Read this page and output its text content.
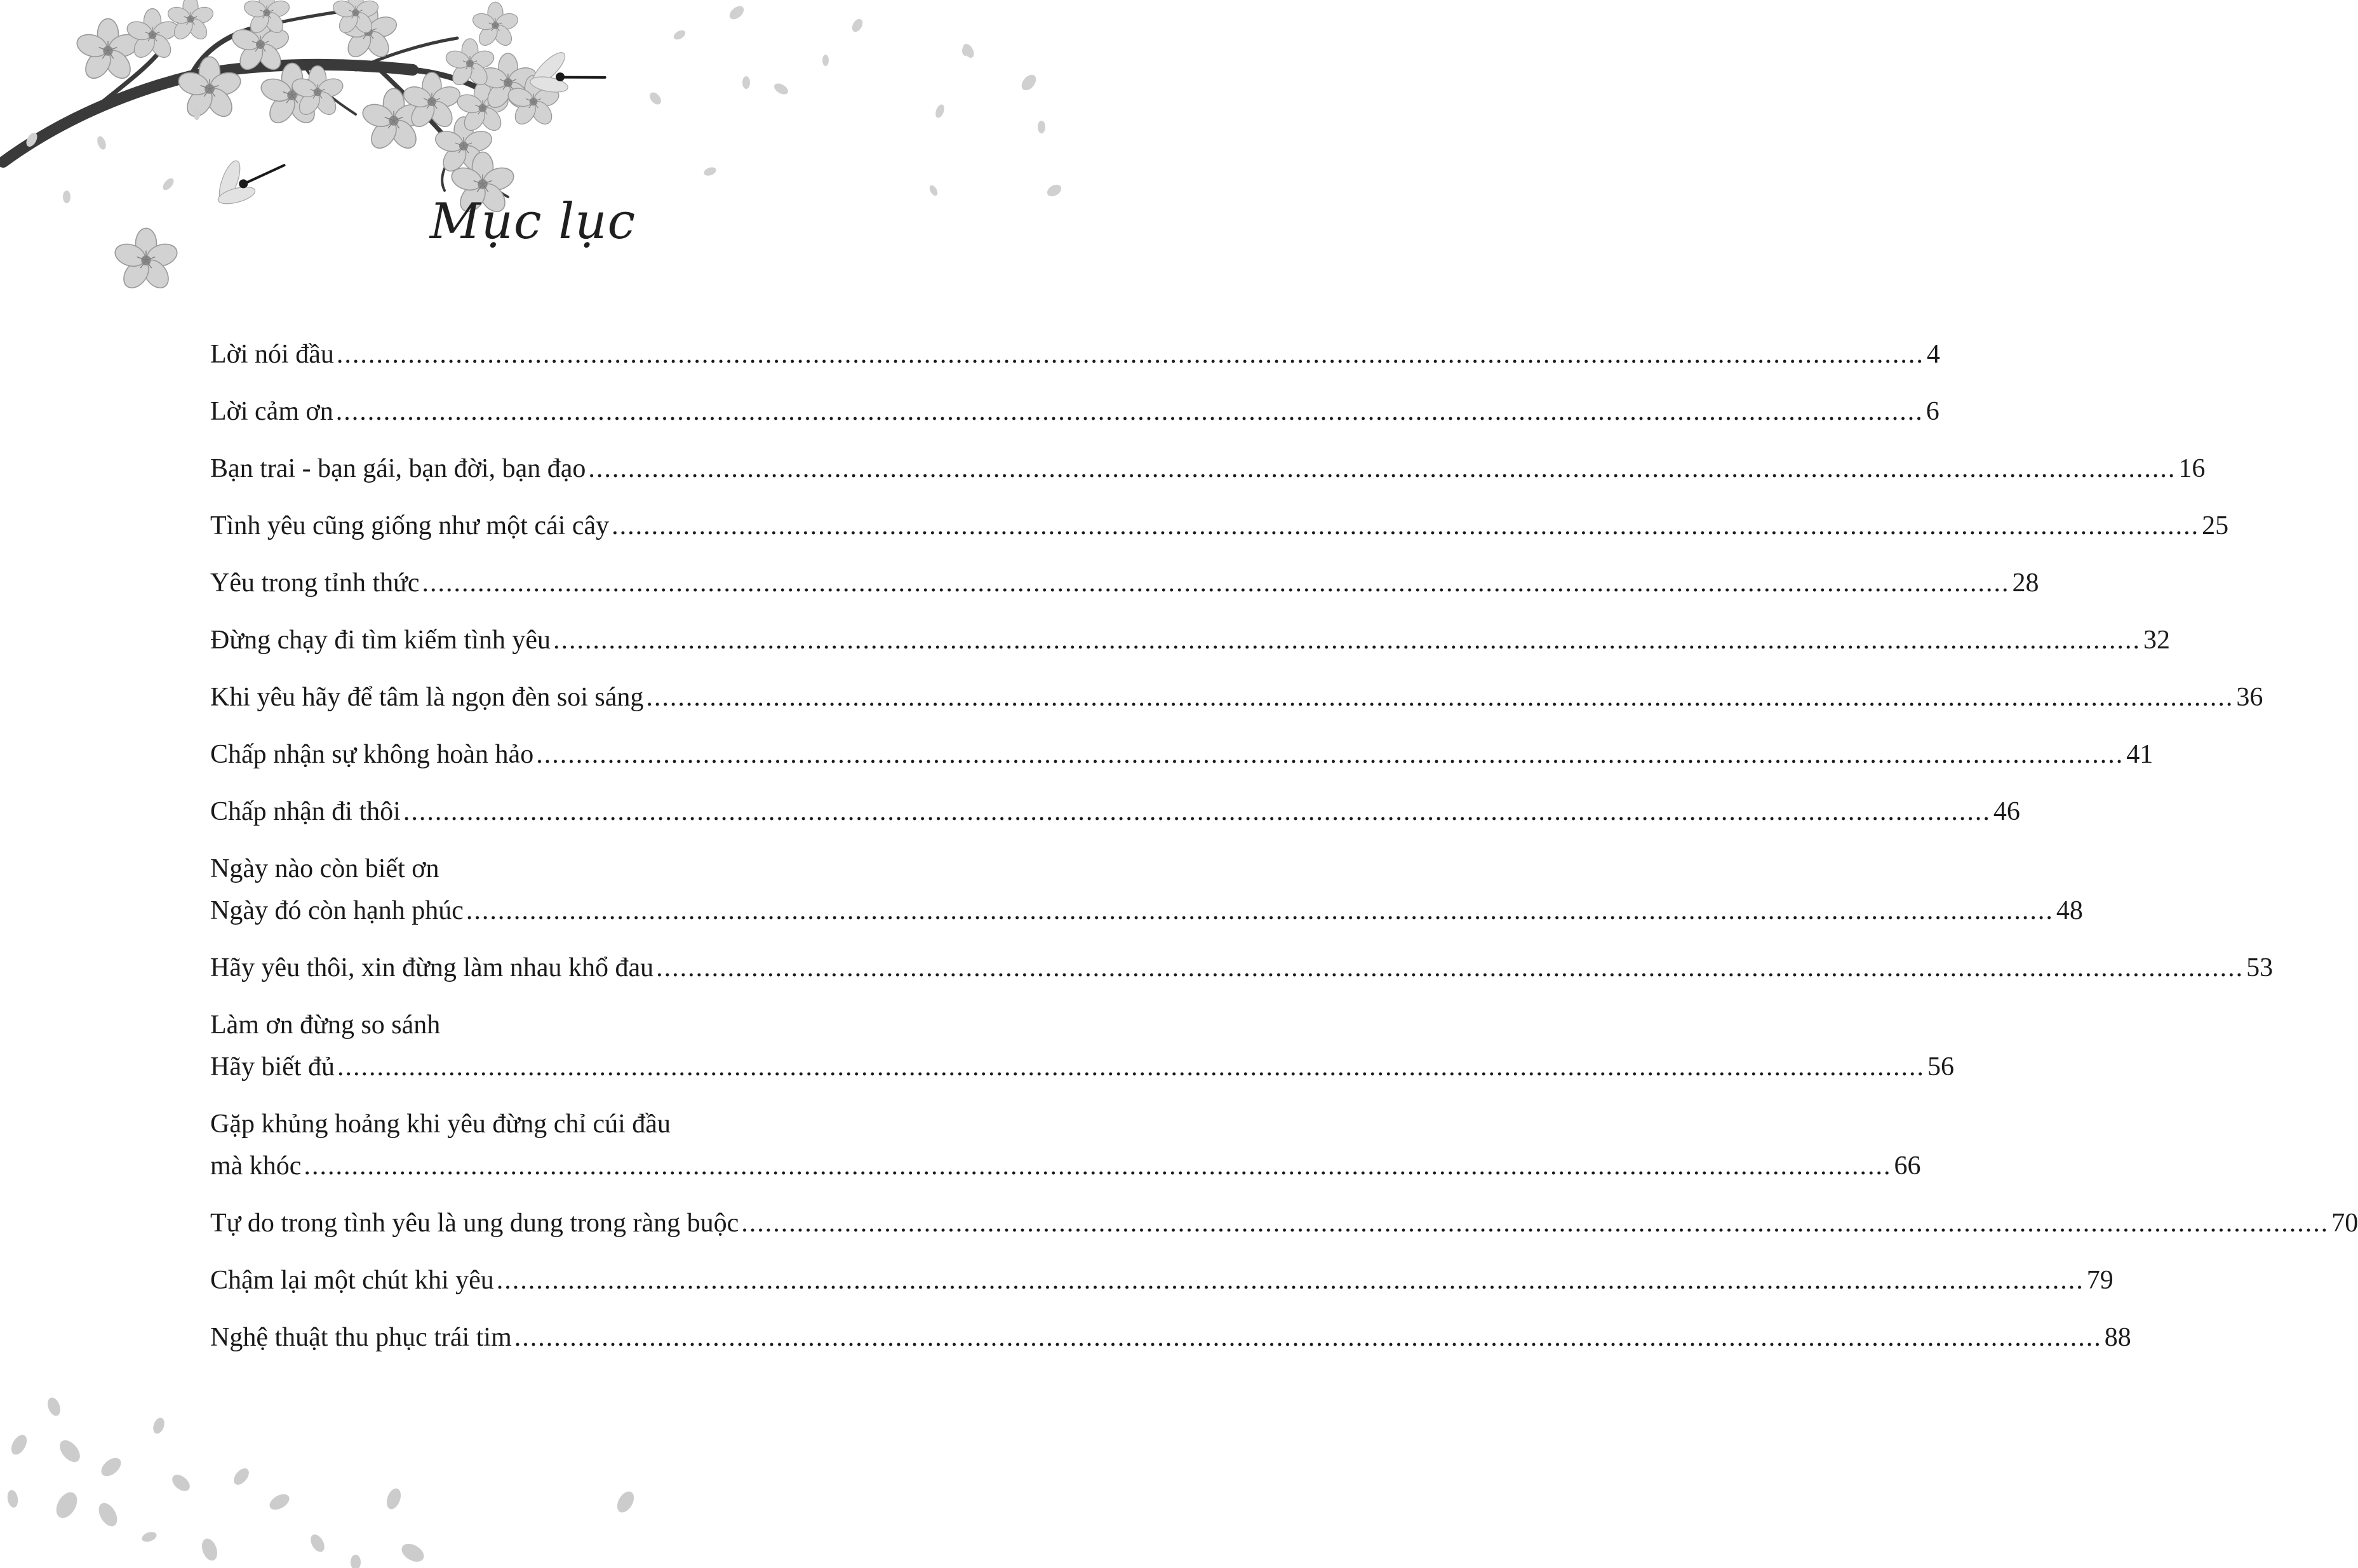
Mục lục
Lời nói đầu ........................................................................................................................................................................................................ 4
Lời cảm ơn ........................................................................................................................................................................................................ 6
Bạn trai - bạn gái, bạn đời, bạn đạo ........................................................................................................................................................................................................ 16
Tình yêu cũng giống như một cái cây ........................................................................................................................................................................................................ 25
Yêu trong tỉnh thức ........................................................................................................................................................................................................ 28
Đừng chạy đi tìm kiếm tình yêu ........................................................................................................................................................................................................ 32
Khi yêu hãy để tâm là ngọn đèn soi sáng ........................................................................................................................................................................................................ 36
Chấp nhận sự không hoàn hảo ........................................................................................................................................................................................................ 41
Chấp nhận đi thôi ........................................................................................................................................................................................................ 46
Ngày nào còn biết ơn
Ngày đó còn hạnh phúc ........................................................................................................................................................................................................ 48
Hãy yêu thôi, xin đừng làm nhau khổ đau ........................................................................................................................................................................................................ 53
Làm ơn đừng so sánh
Hãy biết đủ ........................................................................................................................................................................................................ 56
Gặp khủng hoảng khi yêu đừng chỉ cúi đầu
mà khóc ........................................................................................................................................................................................................ 66
Tự do trong tình yêu là ung dung trong ràng buộc ........................................................................................................................................................................................................ 70
Chậm lại một chút khi yêu ........................................................................................................................................................................................................ 79
Nghệ thuật thu phục trái tim ........................................................................................................................................................................................................ 88
